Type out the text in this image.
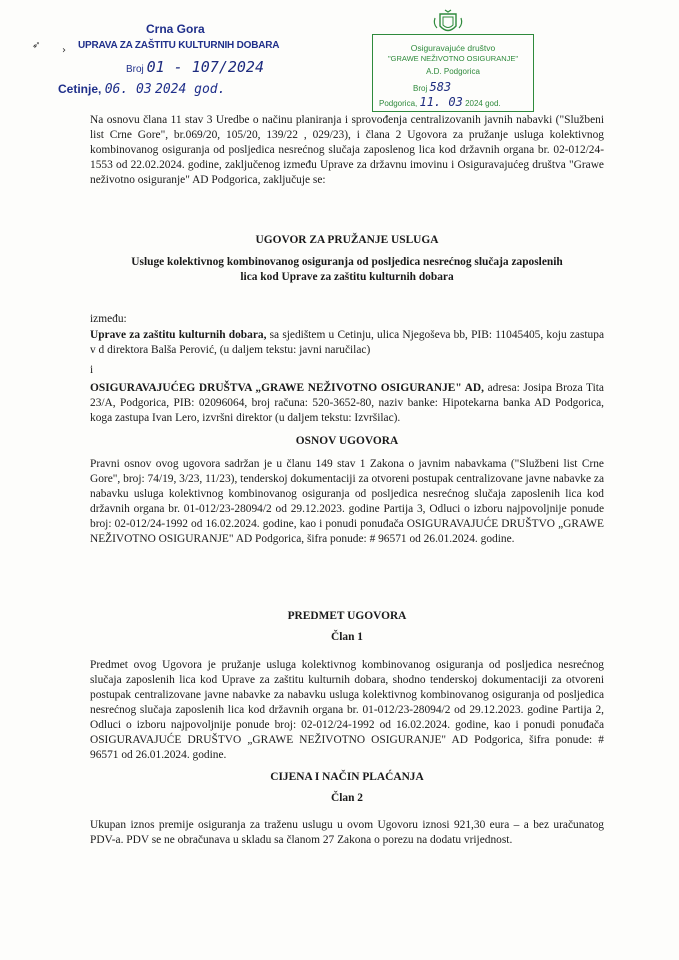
➶ ›
Crna Gora
UPRAVA ZA ZAŠTITU KULTURNIH DOBARA
Broj 01 - 107/2024
Cetinje, 06. 03 2024 god.
Osiguravajuće društvo
"GRAWE NEŽIVOTNO OSIGURANJE"
A.D. Podgorica
Broj 583
Podgorica, 11. 03 2024 god.
Na osnovu člana 11 stav 3 Uredbe o načinu planiranja i sprovođenja centralizovanih javnih nabavki ("Službeni list Crne Gore", br.069/20, 105/20, 139/22 , 029/23), i člana 2 Ugovora za pružanje usluga kolektivnog kombinovanog osiguranja od posljedica nesrećnog slučaja zaposlenog lica kod državnih organa br. 02-012/24-1553 od 22.02.2024. godine, zaključenog između Uprave za državnu imovinu i Osiguravajućeg društva "Grawe neživotno osiguranje" AD Podgorica, zaključuje se:
UGOVOR ZA PRUŽANJE USLUGA
Usluge kolektivnog kombinovanog osiguranja od posljedica nesrećnog slučaja zaposlenih lica kod Uprave za zaštitu kulturnih dobara
između:
Uprave za zaštitu kulturnih dobara, sa sjedištem u Cetinju, ulica Njegoševa bb, PIB: 11045405, koju zastupa v d direktora Balša Perović, (u daljem tekstu: javni naručilac)
i
OSIGURAVAJUĆEG DRUŠTVA „GRAWE NEŽIVOTNO OSIGURANJE" AD, adresa: Josipa Broza Tita 23/A, Podgorica, PIB: 02096064, broj računa: 520-3652-80, naziv banke: Hipotekarna banka AD Podgorica, koga zastupa Ivan Lero, izvršni direktor (u daljem tekstu: Izvršilac).
OSNOV UGOVORA
Pravni osnov ovog ugovora sadržan je u članu 149 stav 1 Zakona o javnim nabavkama ("Službeni list Crne Gore", broj: 74/19, 3/23, 11/23), tenderskoj dokumentaciji za otvoreni postupak centralizovane javne nabavke za nabavku usluga kolektivnog kombinovanog osiguranja od posljedica nesrećnog slučaja zaposlenih lica kod državnih organa br. 01-012/23-28094/2 od 29.12.2023. godine Partija 3, Odluci o izboru najpovoljnije ponude broj: 02-012/24-1992 od 16.02.2024. godine, kao i ponudi ponuđača OSIGURAVAJUĆE DRUŠTVO „GRAWE NEŽIVOTNO OSIGURANJE" AD Podgorica, šifra ponude: # 96571 od 26.01.2024. godine.
PREDMET UGOVORA
Član 1
Predmet ovog Ugovora je pružanje usluga kolektivnog kombinovanog osiguranja od posljedica nesrećnog slučaja zaposlenih lica kod Uprave za zaštitu kulturnih dobara, shodno tenderskoj dokumentaciji za otvoreni postupak centralizovane javne nabavke za nabavku usluga kolektivnog kombinovanog osiguranja od posljedica nesrećnog slučaja zaposlenih lica kod državnih organa br. 01-012/23-28094/2 od 29.12.2023. godine Partija 2, Odluci o izboru najpovoljnije ponude broj: 02-012/24-1992 od 16.02.2024. godine, kao i ponudi ponuđača OSIGURAVAJUĆE DRUŠTVO „GRAWE NEŽIVOTNO OSIGURANJE" AD Podgorica, šifra ponude: # 96571 od 26.01.2024. godine.
CIJENA I NAČIN PLAĆANJA
Član 2
Ukupan iznos premije osiguranja za traženu uslugu u ovom Ugovoru iznosi 921,30 eura – a bez uračunatog PDV-a. PDV se ne obračunava u skladu sa članom 27 Zakona o porezu na dodatu vrijednost.
